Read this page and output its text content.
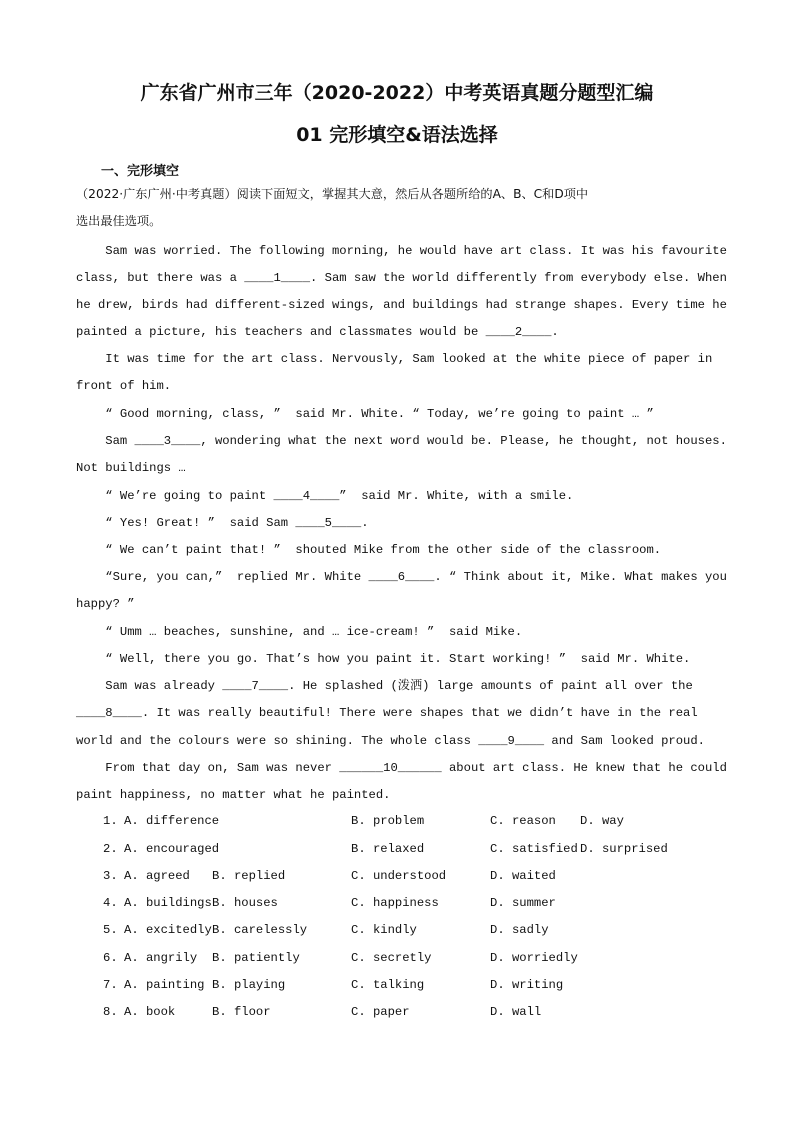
广东省广州市三年（2020-2022）中考英语真题分题型汇编
01 完形填空&语法选择
一、完形填空
（2022·广东广州·中考真题）阅读下面短文，掌握其大意，然后从各题所给的A、B、C和D项中
选出最佳选项。
Sam was worried. The following morning, he would have art class. It was his favourite
class, but there was a ____1____. Sam saw the world differently from everybody else. When
he drew, birds had different-sized wings, and buildings had strange shapes. Every time he
painted a picture, his teachers and classmates would be ____2____.
It was time for the art class. Nervously, Sam looked at the white piece of paper in
front of him.
“ Good morning, class, ”  said Mr. White. “ Today, we’re going to paint … ”
Sam ____3____, wondering what the next word would be. Please, he thought, not houses.
Not buildings …
“ We’re going to paint ____4____”  said Mr. White, with a smile.
“ Yes! Great! ”  said Sam ____5____.
“ We can’t paint that! ”  shouted Mike from the other side of the classroom.
“Sure, you can,”  replied Mr. White ____6____. “ Think about it, Mike. What makes you
happy? ”
“ Umm … beaches, sunshine, and … ice-cream! ”  said Mike.
“ Well, there you go. That’s how you paint it. Start working! ”  said Mr. White.
Sam was already ____7____. He splashed (泼洒) large amounts of paint all over the
____8____. It was really beautiful! There were shapes that we didn’t have in the real
world and the colours were so shining. The whole class ____9____ and Sam looked proud.
From that day on, Sam was never ______10______ about art class. He knew that he could
paint happiness, no matter what he painted.
1. A. difference	B. problem	C. reason D. way
2. A. encouraged	B. relaxed	C. satisfied D. surprised
3. A. agreed B. replied	C. understood	D. waited
4. A. buildings B. houses	C. happiness	D. summer
5. A. excitedly B. carelessly	C. kindly	D. sadly
6. A. angrily B. patiently	C. secretly	D. worriedly
7. A. painting B. playing	C. talking	D. writing
8. A. book	B. floor	C. paper	D. wall
